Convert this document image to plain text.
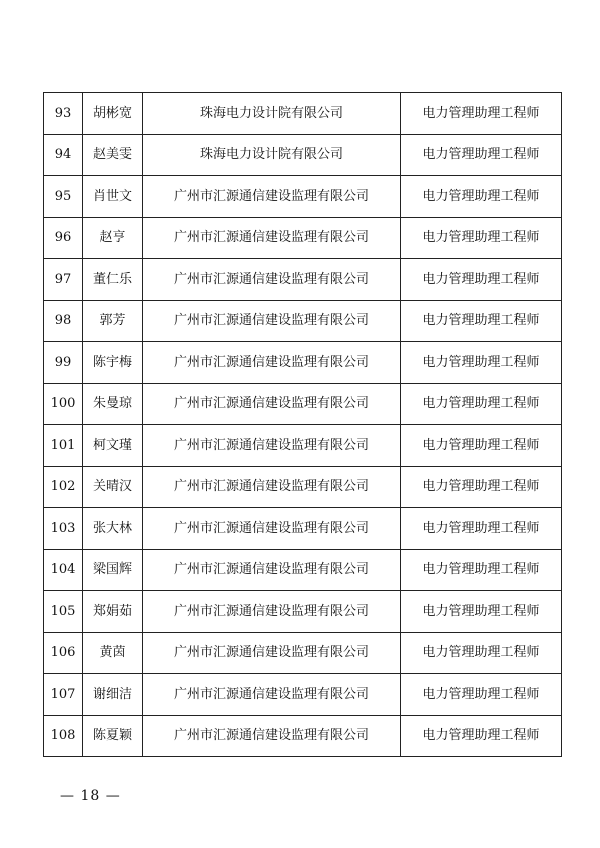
93	胡彬宽	珠海电力设计院有限公司	电力管理助理工程师
94	赵美雯	珠海电力设计院有限公司	电力管理助理工程师
95	肖世文	广州市汇源通信建设监理有限公司	电力管理助理工程师
96	赵亨	广州市汇源通信建设监理有限公司	电力管理助理工程师
97	董仁乐	广州市汇源通信建设监理有限公司	电力管理助理工程师
98	郭芳	广州市汇源通信建设监理有限公司	电力管理助理工程师
99	陈宇梅	广州市汇源通信建设监理有限公司	电力管理助理工程师
100	朱曼琼	广州市汇源通信建设监理有限公司	电力管理助理工程师
101	柯文瑾	广州市汇源通信建设监理有限公司	电力管理助理工程师
102	关晴汉	广州市汇源通信建设监理有限公司	电力管理助理工程师
103	张大林	广州市汇源通信建设监理有限公司	电力管理助理工程师
104	梁国辉	广州市汇源通信建设监理有限公司	电力管理助理工程师
105	郑娟茹	广州市汇源通信建设监理有限公司	电力管理助理工程师
106	黄茵	广州市汇源通信建设监理有限公司	电力管理助理工程师
107	谢细洁	广州市汇源通信建设监理有限公司	电力管理助理工程师
108	陈夏颖	广州市汇源通信建设监理有限公司	电力管理助理工程师
— 18 —
